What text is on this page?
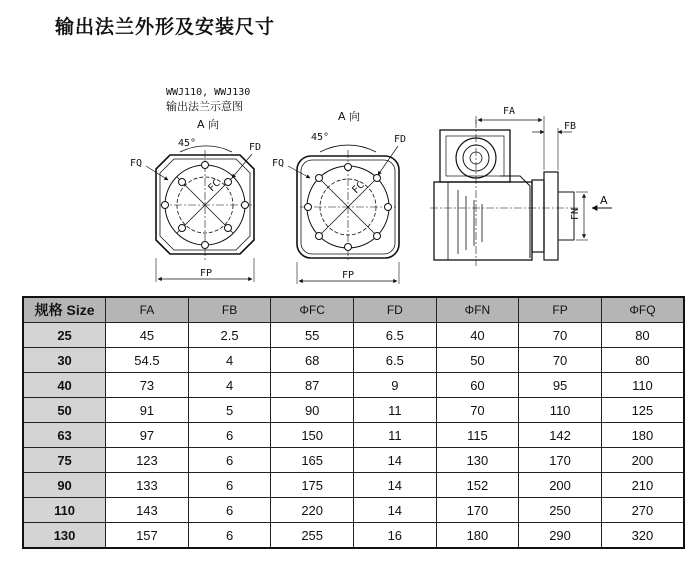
输出法兰外形及安装尺寸
WWJ110, WWJ130
输出法兰示意图
A 向
45°
FQ
FD
FC
FP
A 向
45°
FQ
FD
FC
FP
FA
FB
FN
A
规格 Size	FA	FB	ΦFC	FD	ΦFN	FP	ΦFQ
25	45	2.5	55	6.5	40	70	80
30	54.5	4	68	6.5	50	70	80
40	73	4	87	9	60	95	110
50	91	5	90	11	70	110	125
63	97	6	150	11	115	142	180
75	123	6	165	14	130	170	200
90	133	6	175	14	152	200	210
110	143	6	220	14	170	250	270
130	157	6	255	16	180	290	320
